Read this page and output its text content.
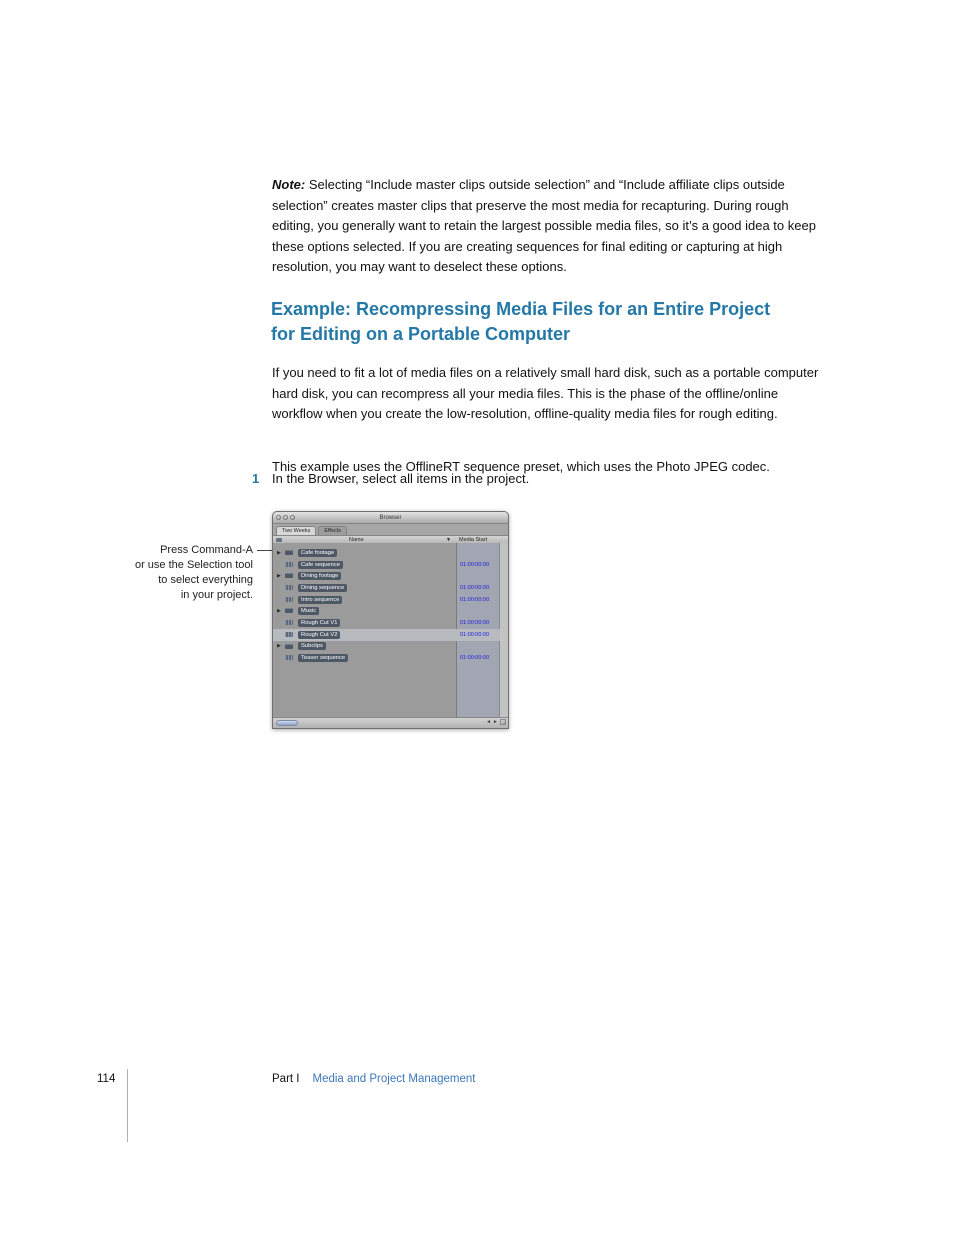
Note: Selecting “Include master clips outside selection” and “Include affiliate clips outside selection” creates master clips that preserve the most media for recapturing. During rough editing, you generally want to retain the largest possible media files, so it’s a good idea to keep these options selected. If you are creating sequences for final editing or capturing at high resolution, you may want to deselect these options.

Example: Recompressing Media Files for an Entire Project
for Editing on a Portable Computer

If you need to fit a lot of media files on a relatively small hard disk, such as a portable computer hard disk, you can recompress all your media files. This is the phase of the offline/online workflow when you create the low-resolution, offline-quality media files for rough editing.

This example uses the OfflineRT sequence preset, which uses the Photo JPEG codec.

1 In the Browser, select all items in the project.
Press Command-A
or use the Selection tool
to select everything
in your project.
Browser
Two Weeks	Effects
Name	▼ Media Start
▶	Cafe footage
Cafe sequence	01:00:00:00
▶	Dining footage
Dining sequence	01:00:00:00
Intro sequence	01:00:00:00
▶	Music
Rough Cut V1	01:00:00:00
Rough Cut V2	01:00:00:00
▶	Subclips
Teaser sequence	01:00:00:00
◄ ►
114	Part I Media and Project Management
